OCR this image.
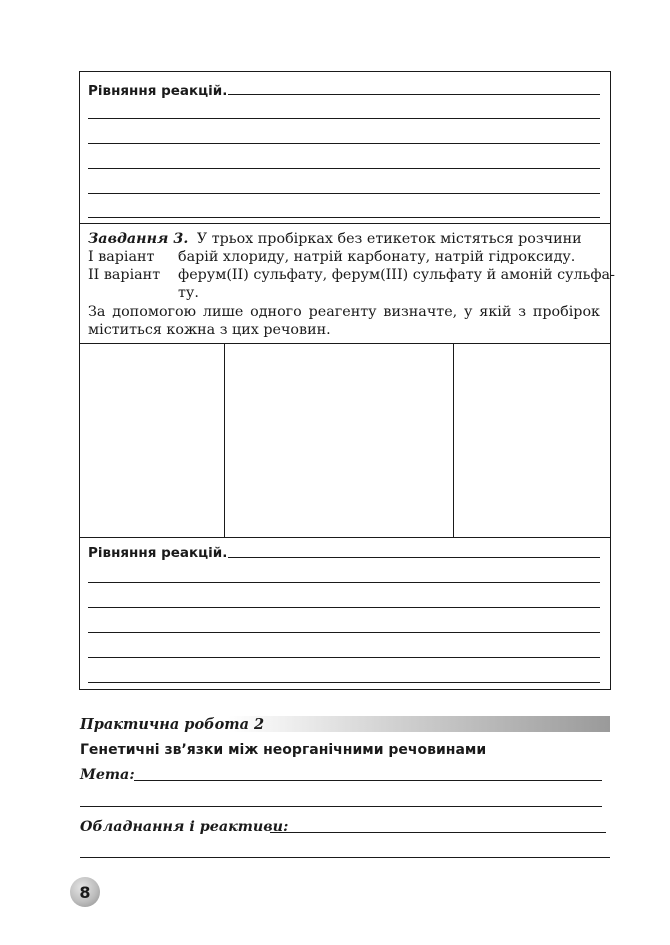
Рівняння реакцій.
Завдання 3. У трьох пробірках без етикеток містяться розчини
I варіант барій хлориду, натрій карбонату, натрій гідроксиду.
II варіант ферум(II) сульфату, ферум(III) сульфату й амоній сульфа-
ту.
За допомогою лише одного реагенту визначте, у якій з пробірок
міститься кожна з цих речовин.
Рівняння реакцій.
Практична робота 2
Генетичні зв’язки між неорганічними речовинами
Мета:
Обладнання і реактиви:
8
